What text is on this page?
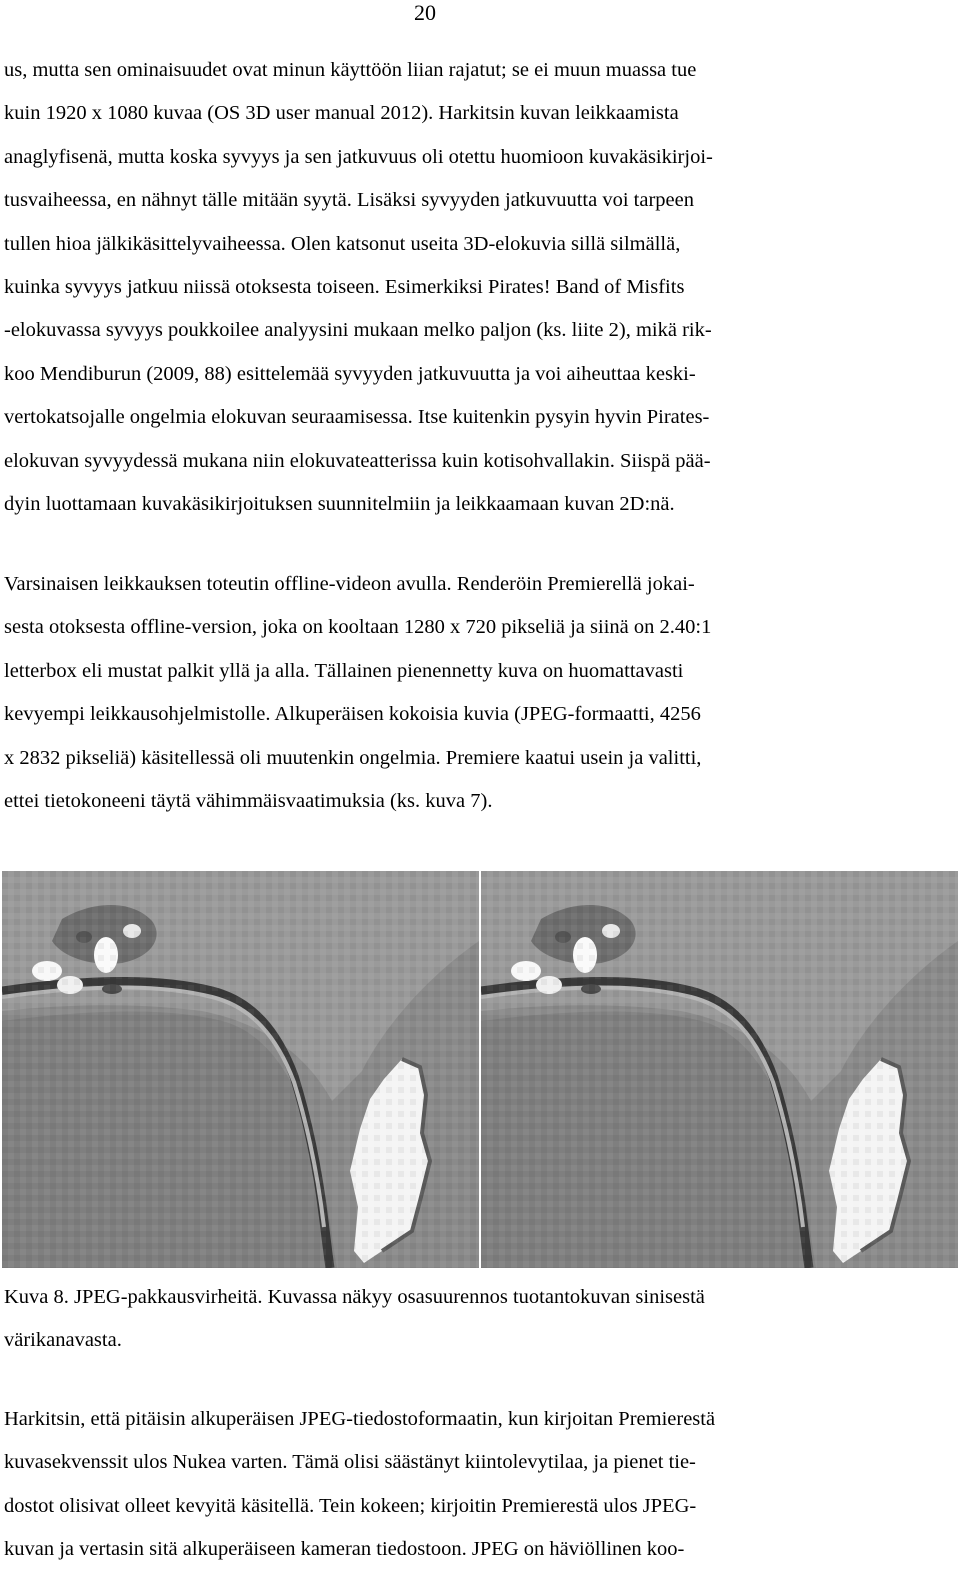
20
us, mutta sen ominaisuudet ovat minun käyttöön liian rajatut; se ei muun muassa tue
kuin 1920 x 1080 kuvaa (OS 3D user manual 2012). Harkitsin kuvan leikkaamista
anaglyfisenä, mutta koska syvyys ja sen jatkuvuus oli otettu huomioon kuvakäsikirjoi-
tusvaiheessa, en nähnyt tälle mitään syytä. Lisäksi syvyyden jatkuvuutta voi tarpeen
tullen hioa jälkikäsittelyvaiheessa. Olen katsonut useita 3D-elokuvia sillä silmällä,
kuinka syvyys jatkuu niissä otoksesta toiseen. Esimerkiksi Pirates! Band of Misfits
-elokuvassa syvyys poukkoilee analyysini mukaan melko paljon (ks. liite 2), mikä rik-
koo Mendiburun (2009, 88) esittelemää syvyyden jatkuvuutta ja voi aiheuttaa keski-
vertokatsojalle ongelmia elokuvan seuraamisessa. Itse kuitenkin pysyin hyvin Pirates-
elokuvan syvyydessä mukana niin elokuvateatterissa kuin kotisohvallakin. Siispä pää-
dyin luottamaan kuvakäsikirjoituksen suunnitelmiin ja leikkaamaan kuvan 2D:nä.
Varsinaisen leikkauksen toteutin offline-videon avulla. Renderöin Premierellä jokai-
sesta otoksesta offline-version, joka on kooltaan 1280 x 720 pikseliä ja siinä on 2.40:1
letterbox eli mustat palkit yllä ja alla. Tällainen pienennetty kuva on huomattavasti
kevyempi leikkausohjelmistolle. Alkuperäisen kokoisia kuvia (JPEG-formaatti, 4256
x 2832 pikseliä) käsitellessä oli muutenkin ongelmia. Premiere kaatui usein ja valitti,
ettei tietokoneeni täytä vähimmäisvaatimuksia (ks. kuva 7).
Kuva 8. JPEG-pakkausvirheitä. Kuvassa näkyy osasuurennos tuotantokuvan sinisestä
värikanavasta.
Harkitsin, että pitäisin alkuperäisen JPEG-tiedostoformaatin, kun kirjoitan Premierestä
kuvasekvenssit ulos Nukea varten. Tämä olisi säästänyt kiintolevytilaa, ja pienet tie-
dostot olisivat olleet kevyitä käsitellä. Tein kokeen; kirjoitin Premierestä ulos JPEG-
kuvan ja vertasin sitä alkuperäiseen kameran tiedostoon. JPEG on häviöllinen koo-
